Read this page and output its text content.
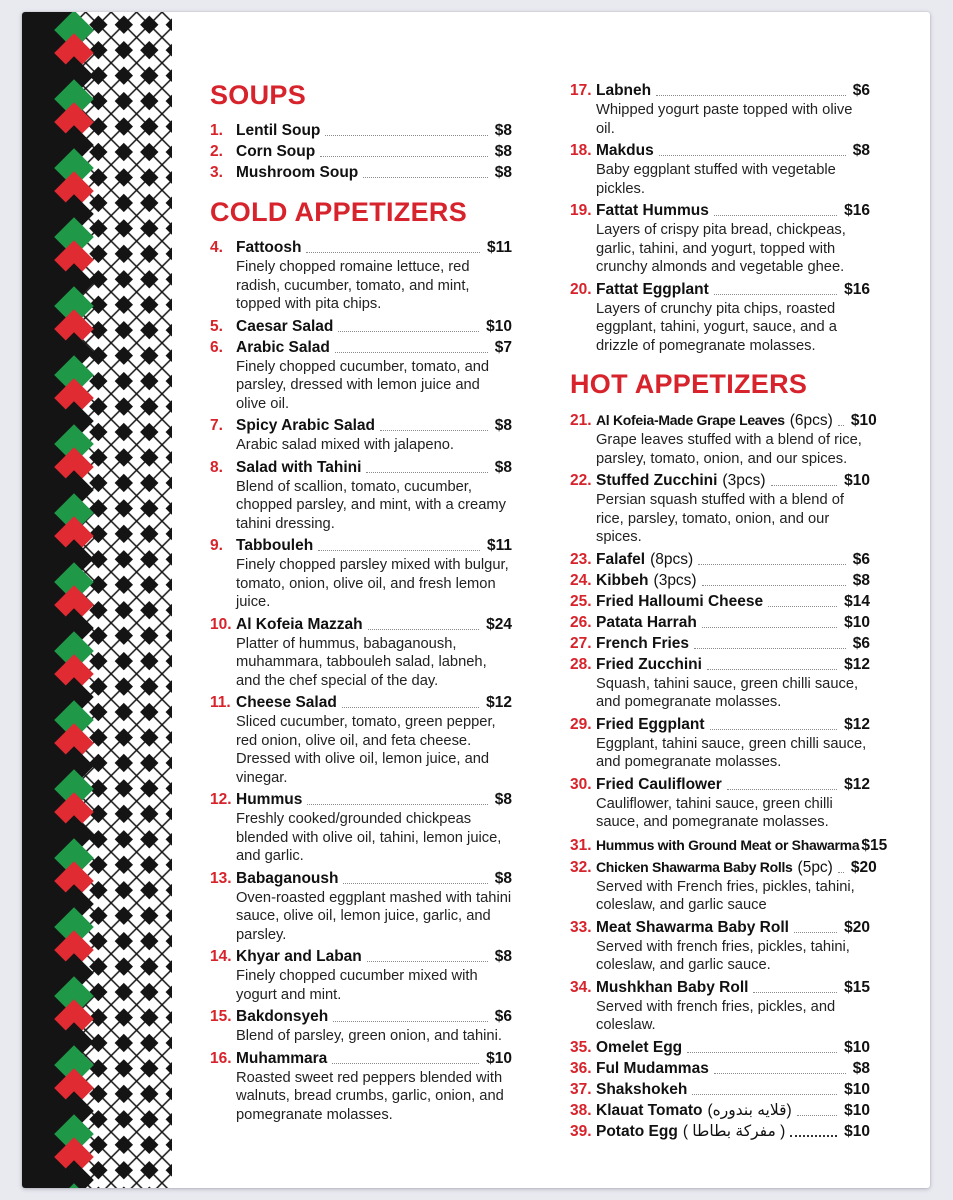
SOUPS
1. Lentil Soup	$8
2. Corn Soup	$8
3. Mushroom Soup	$8
COLD APPETIZERS
4. Fattoosh	$11
Finely chopped romaine lettuce, red radish, cucumber, tomato, and mint, topped with pita chips.
5. Caesar Salad	$10
6. Arabic Salad	$7
Finely chopped cucumber, tomato, and parsley, dressed with lemon juice and olive oil.
7. Spicy Arabic Salad	$8
Arabic salad mixed with jalapeno.
8. Salad with Tahini	$8
Blend of scallion, tomato, cucumber, chopped parsley, and mint, with a creamy tahini dressing.
9. Tabbouleh	$11
Finely chopped parsley mixed with bulgur, tomato, onion, olive oil, and fresh lemon juice.
10. Al Kofeia Mazzah	$24
Platter of hummus, babaganoush, muhammara, tabbouleh salad, labneh, and the chef special of the day.
11. Cheese Salad	$12
Sliced cucumber, tomato, green pepper, red onion, olive oil, and feta cheese. Dressed with olive oil, lemon juice, and vinegar.
12. Hummus	$8
Freshly cooked/grounded chickpeas blended with olive oil, tahini, lemon juice, and garlic.
13. Babaganoush	$8
Oven-roasted eggplant mashed with tahini sauce, olive oil, lemon juice, garlic, and parsley.
14. Khyar and Laban	$8
Finely chopped cucumber mixed with yogurt and mint.
15. Bakdonsyeh	$6
Blend of parsley, green onion, and tahini.
16. Muhammara	$10
Roasted sweet red peppers blended with walnuts, bread crumbs, garlic, onion, and pomegranate molasses.
17. Labneh	$6
Whipped yogurt paste topped with olive oil.
18. Makdus	$8
Baby eggplant stuffed with vegetable pickles.
19. Fattat Hummus	$16
Layers of crispy pita bread, chickpeas, garlic, tahini, and yogurt, topped with crunchy almonds and vegetable ghee.
20. Fattat Eggplant	$16
Layers of crunchy pita chips, roasted eggplant, tahini, yogurt, sauce, and a drizzle of pomegranate molasses.
HOT APPETIZERS
21. Al Kofeia-Made Grape Leaves (6pcs) $10
Grape leaves stuffed with a blend of rice, parsley, tomato, onion, and our spices.
22. Stuffed Zucchini (3pcs)	$10
Persian squash stuffed with a blend of rice, parsley, tomato, onion, and our spices.
23. Falafel (8pcs)	$6
24. Kibbeh (3pcs)	$8
25. Fried Halloumi Cheese	$14
26. Patata Harrah	$10
27. French Fries	$6
28. Fried Zucchini	$12
Squash, tahini sauce, green chilli sauce, and pomegranate molasses.
29. Fried Eggplant	$12
Eggplant, tahini sauce, green chilli sauce, and pomegranate molasses.
30. Fried Cauliflower	$12
Cauliflower, tahini sauce, green chilli sauce, and pomegranate molasses.
31. Hummus with Ground Meat or Shawarma $15
32. Chicken Shawarma Baby Rolls (5pc) $20
Served with French fries, pickles, tahini, coleslaw, and garlic sauce
33. Meat Shawarma Baby Roll	$20
Served with french fries, pickles, tahini, coleslaw, and garlic sauce.
34. Mushkhan Baby Roll	$15
Served with french fries, pickles, and coleslaw.
35. Omelet Egg	$10
36. Ful Mudammas	$8
37. Shakshokeh	$10
38. Klauat Tomato (قلايه بندوره)	$10
39. Potato Egg ( مفركة بطاطا )	$10
